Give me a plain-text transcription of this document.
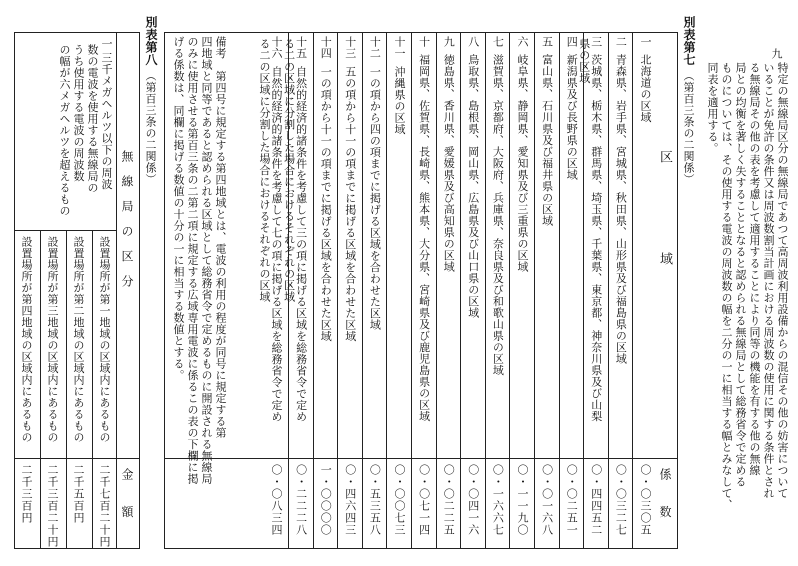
九
特定の無線局区分の無線局であつて高周波利用設備からの混信その他の妨害について
いることが免許の条件又は周波数割当計画における周波数の使用に関する条件とされ
る無線局その他の表を考慮して適用することにより同等の機能を有する他の無線
局との均衡を著しく失することとなると認められる無線局として総務省令で定める
ものについては、その使用する電波の周波数の幅を二分の一に相当する幅とみなして、
同表を適用する。
別表第七
（第百三条の二関係）
区　　　　　域
係　　数
一
北海道の区域
〇・〇三〇五
二
青森県、岩手県、宮城県、秋田県、山形県及び福島県の区域
〇・〇三二七
三
茨城県、栃木県、群馬県、埼玉県、千葉県、東京都、神奈川県及び山梨
県の区域
〇・四四五二
四
新潟県及び長野県の区域
〇・〇二五一
五
富山県、石川県及び福井県の区域
〇・〇一六八
六
岐阜県、静岡県、愛知県及び三重県の区域
〇・一一九〇
七
滋賀県、京都府、大阪府、兵庫県、奈良県及び和歌山県の区域
〇・一六六七
八
鳥取県、島根県、岡山県、広島県及び山口県の区域
〇・〇四一六
九
徳島県、香川県、愛媛県及び高知県の区域
〇・〇二二五
十
福岡県、佐賀県、長崎県、熊本県、大分県、宮崎県及び鹿児島県の区域
〇・〇七一四
十一
沖縄県の区域
〇・〇〇七三
十二
一の項から四の項までに掲げる区域を合わせた区域
〇・五三五八
十三
五の項から十一の項までに掲げる区域を合わせた区域
〇・四六四三
十四
一の項から十一の項までに掲げる区域を合わせた区域
一・〇〇〇〇
十五
自然的経済的諸条件を考慮して三の項に掲げる区域を総務省令で定め
る二の区域に分割した場合におけるそれぞれの区域
〇・二二二八
十六
自然的経済的諸条件を考慮して七の項に掲げる区域を総務省令で定め
る二の区域に分割した場合におけるそれぞれの区域
〇・〇八三四
備考　第四号に規定する第四地域とは、電波の利用の程度が同号に規定する第
四地域と同等であると認められる区域として総務省令で定めるものに開設される無線局
のみに使用させる第百三条の二第二項に規定する広域専用電波に係るこの表の下欄に掲
げる係数は、同欄に掲げる数値の十分の一に相当する数値とする。
別表第八
（第百三条の二関係）
無　線　局　の　区　分
金　　額
一
三千メガヘルツ以下の周波
数の電波を使用する無線局の
うち使用する電波の周波数
の幅が六メガヘルツを超えるもの
設置場所が第一地域の区域内にあるもの
二千七百二十円
設置場所が第二地域の区域内にあるもの
二千五百円
設置場所が第三地域の区域内にあるもの
二千三百二十円
設置場所が第四地域の区域内にあるもの
二千三百円
